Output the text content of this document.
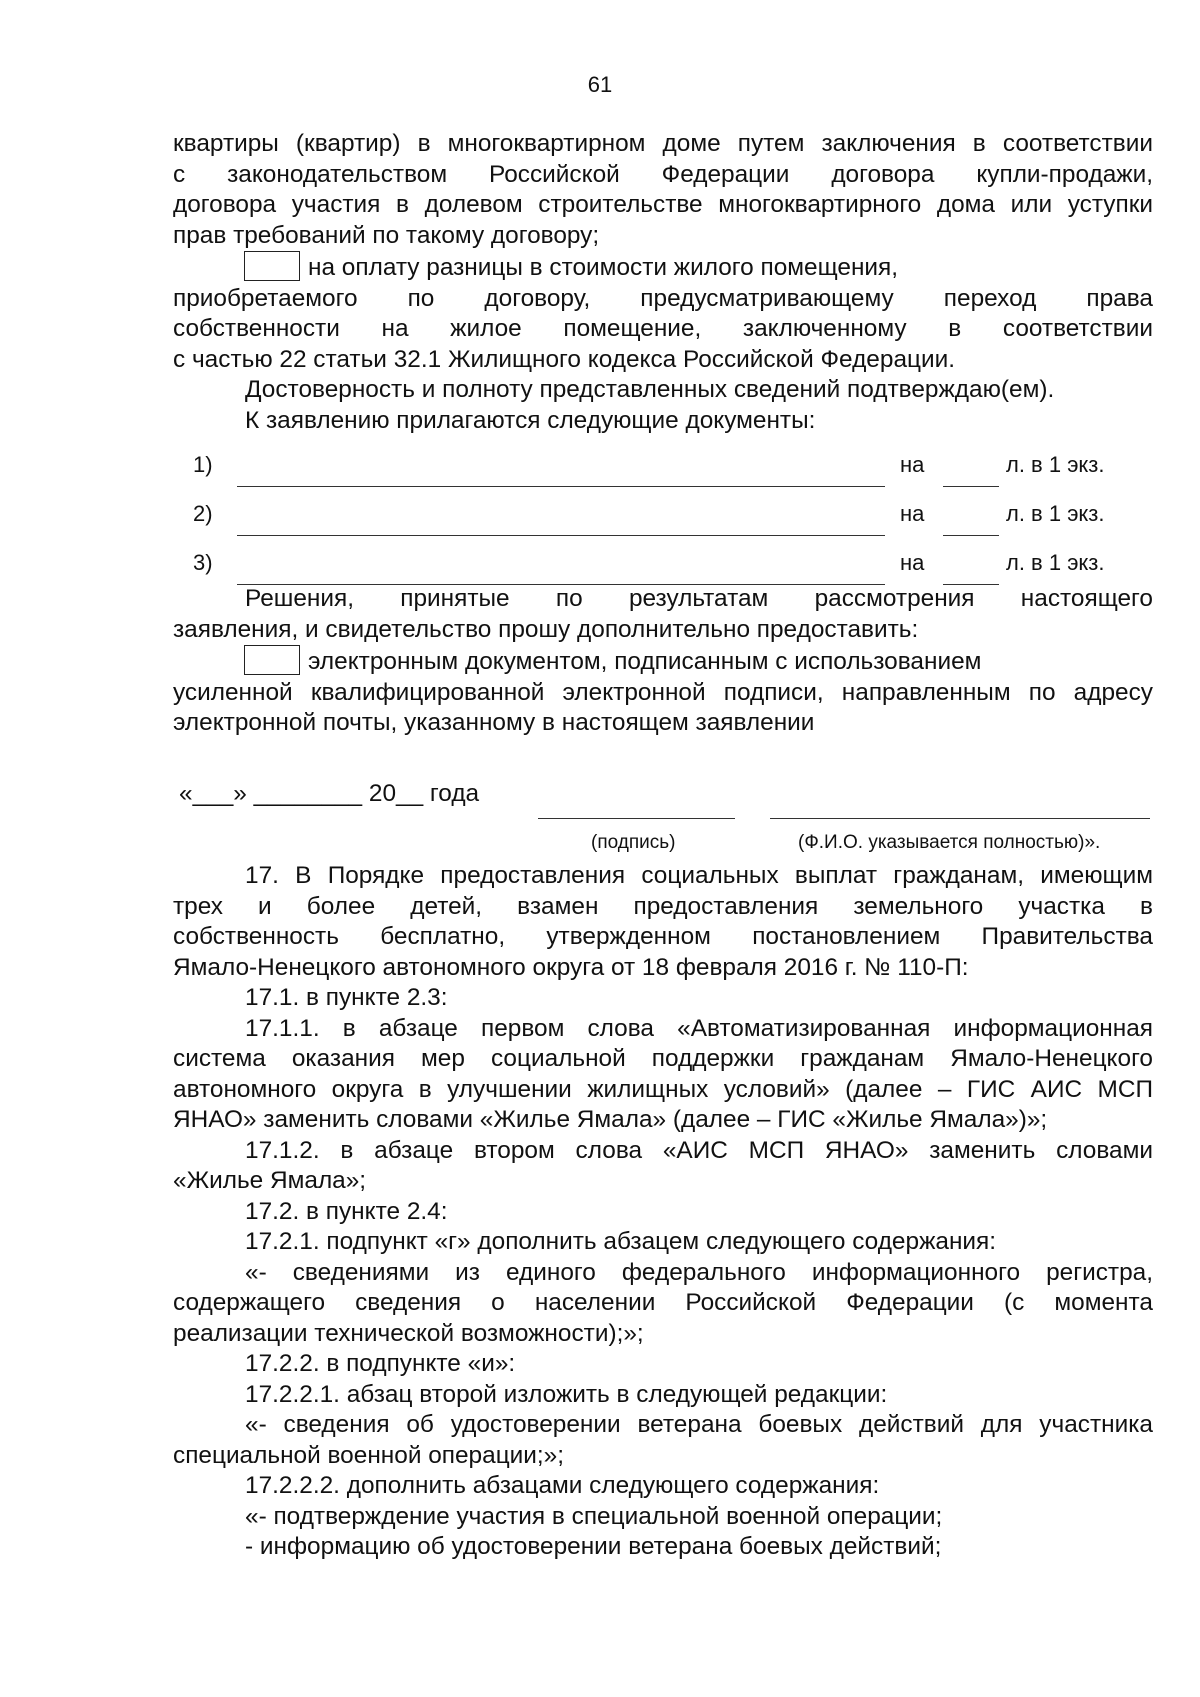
61
квартиры (квартир) в многоквартирном доме путем заключения в соответствии
с законодательством Российской Федерации договора купли-продажи,
договора участия в долевом строительстве многоквартирного дома или уступки
прав требований по такому договору;
на оплату разницы в стоимости жилого помещения,
приобретаемого по договору, предусматривающему переход права
собственности на жилое помещение, заключенному в соответствии
с частью 22 статьи 32.1 Жилищного кодекса Российской Федерации.
Достоверность и полноту представленных сведений подтверждаю(ем).
К заявлению прилагаются следующие документы:
1)	на	л. в 1 экз.
2)	на	л. в 1 экз.
3)	на	л. в 1 экз.
Решения, принятые по результатам рассмотрения настоящего
заявления, и свидетельство прошу дополнительно предоставить:
электронным документом, подписанным с использованием
усиленной квалифицированной электронной подписи, направленным по адресу
электронной почты, указанному в настоящем заявлении
«___» ________ 20__ года
(подпись)	(Ф.И.О. указывается полностью)».
17. В Порядке предоставления социальных выплат гражданам, имеющим
трех и более детей, взамен предоставления земельного участка в
собственность бесплатно, утвержденном постановлением Правительства
Ямало-Ненецкого автономного округа от 18 февраля 2016 г. № 110-П:
17.1. в пункте 2.3:
17.1.1. в абзаце первом слова «Автоматизированная информационная
система оказания мер социальной поддержки гражданам Ямало-Ненецкого
автономного округа в улучшении жилищных условий» (далее – ГИС АИС МСП
ЯНАО» заменить словами «Жилье Ямала» (далее – ГИС «Жилье Ямала»)»;
17.1.2. в абзаце втором слова «АИС МСП ЯНАО» заменить словами
«Жилье Ямала»;
17.2. в пункте 2.4:
17.2.1. подпункт «г» дополнить абзацем следующего содержания:
«- сведениями из единого федерального информационного регистра,
содержащего сведения о населении Российской Федерации (с момента
реализации технической возможности);»;
17.2.2. в подпункте «и»:
17.2.2.1. абзац второй изложить в следующей редакции:
«- сведения об удостоверении ветерана боевых действий для участника
специальной военной операции;»;
17.2.2.2. дополнить абзацами следующего содержания:
«- подтверждение участия в специальной военной операции;
- информацию об удостоверении ветерана боевых действий;
